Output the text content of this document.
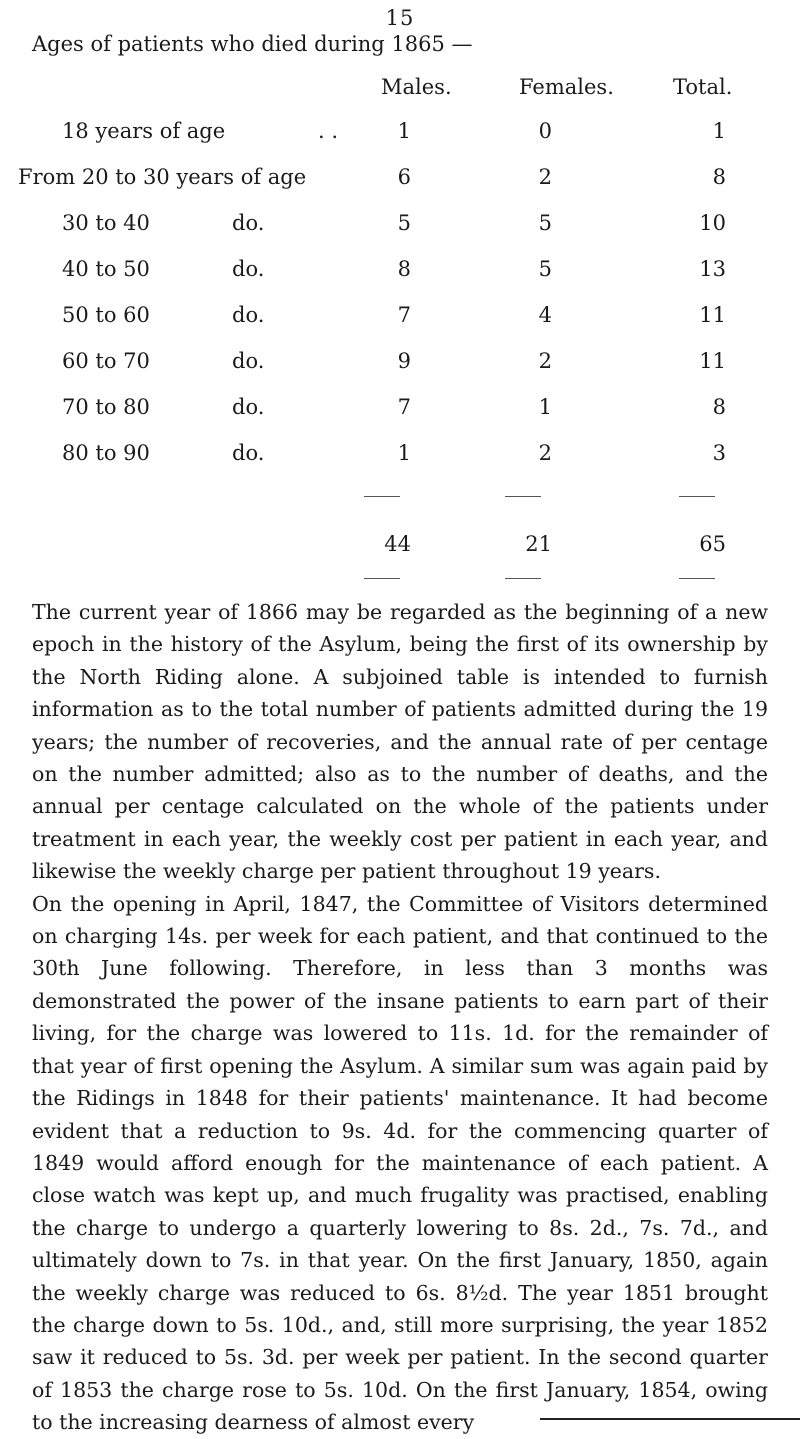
15
Ages of patients who died during 1865 —
Males.	Females.	Total.
18 years of age	. .	1	0	1
From 20 to 30 years of age	6	2	8
30 to 40	do.	5	5	10
40 to 50	do.	8	5	13
50 to 60	do.	7	4	11
60 to 70	do.	9	2	11
70 to 80	do.	7	1	8
80 to 90	do.	1	2	3
44	21	65

The current year of 1866 may be regarded as the beginning of a new epoch in the history of the Asylum, being the first of its ownership by the North Riding alone. A subjoined table is intended to furnish information as to the total number of patients admitted during the 19 years; the number of recoveries, and the annual rate of per centage on the number admitted; also as to the number of deaths, and the annual per centage calculated on the whole of the patients under treatment in each year, the weekly cost per patient in each year, and likewise the weekly charge per patient throughout 19 years.

On the opening in April, 1847, the Committee of Visitors determined on charging 14s. per week for each patient, and that continued to the 30th June following. Therefore, in less than 3 months was demonstrated the power of the insane patients to earn part of their living, for the charge was lowered to 11s. 1d. for the remainder of that year of first opening the Asylum. A similar sum was again paid by the Ridings in 1848 for their patients' maintenance. It had become evident that a reduction to 9s. 4d. for the commencing quarter of 1849 would afford enough for the maintenance of each patient. A close watch was kept up, and much frugality was practised, enabling the charge to undergo a quarterly lowering to 8s. 2d., 7s. 7d., and ultimately down to 7s. in that year. On the first January, 1850, again the weekly charge was reduced to 6s. 8½d. The year 1851 brought the charge down to 5s. 10d., and, still more surprising, the year 1852 saw it reduced to 5s. 3d. per week per patient. In the second quarter of 1853 the charge rose to 5s. 10d. On the first January, 1854, owing to the increasing dearness of almost every
